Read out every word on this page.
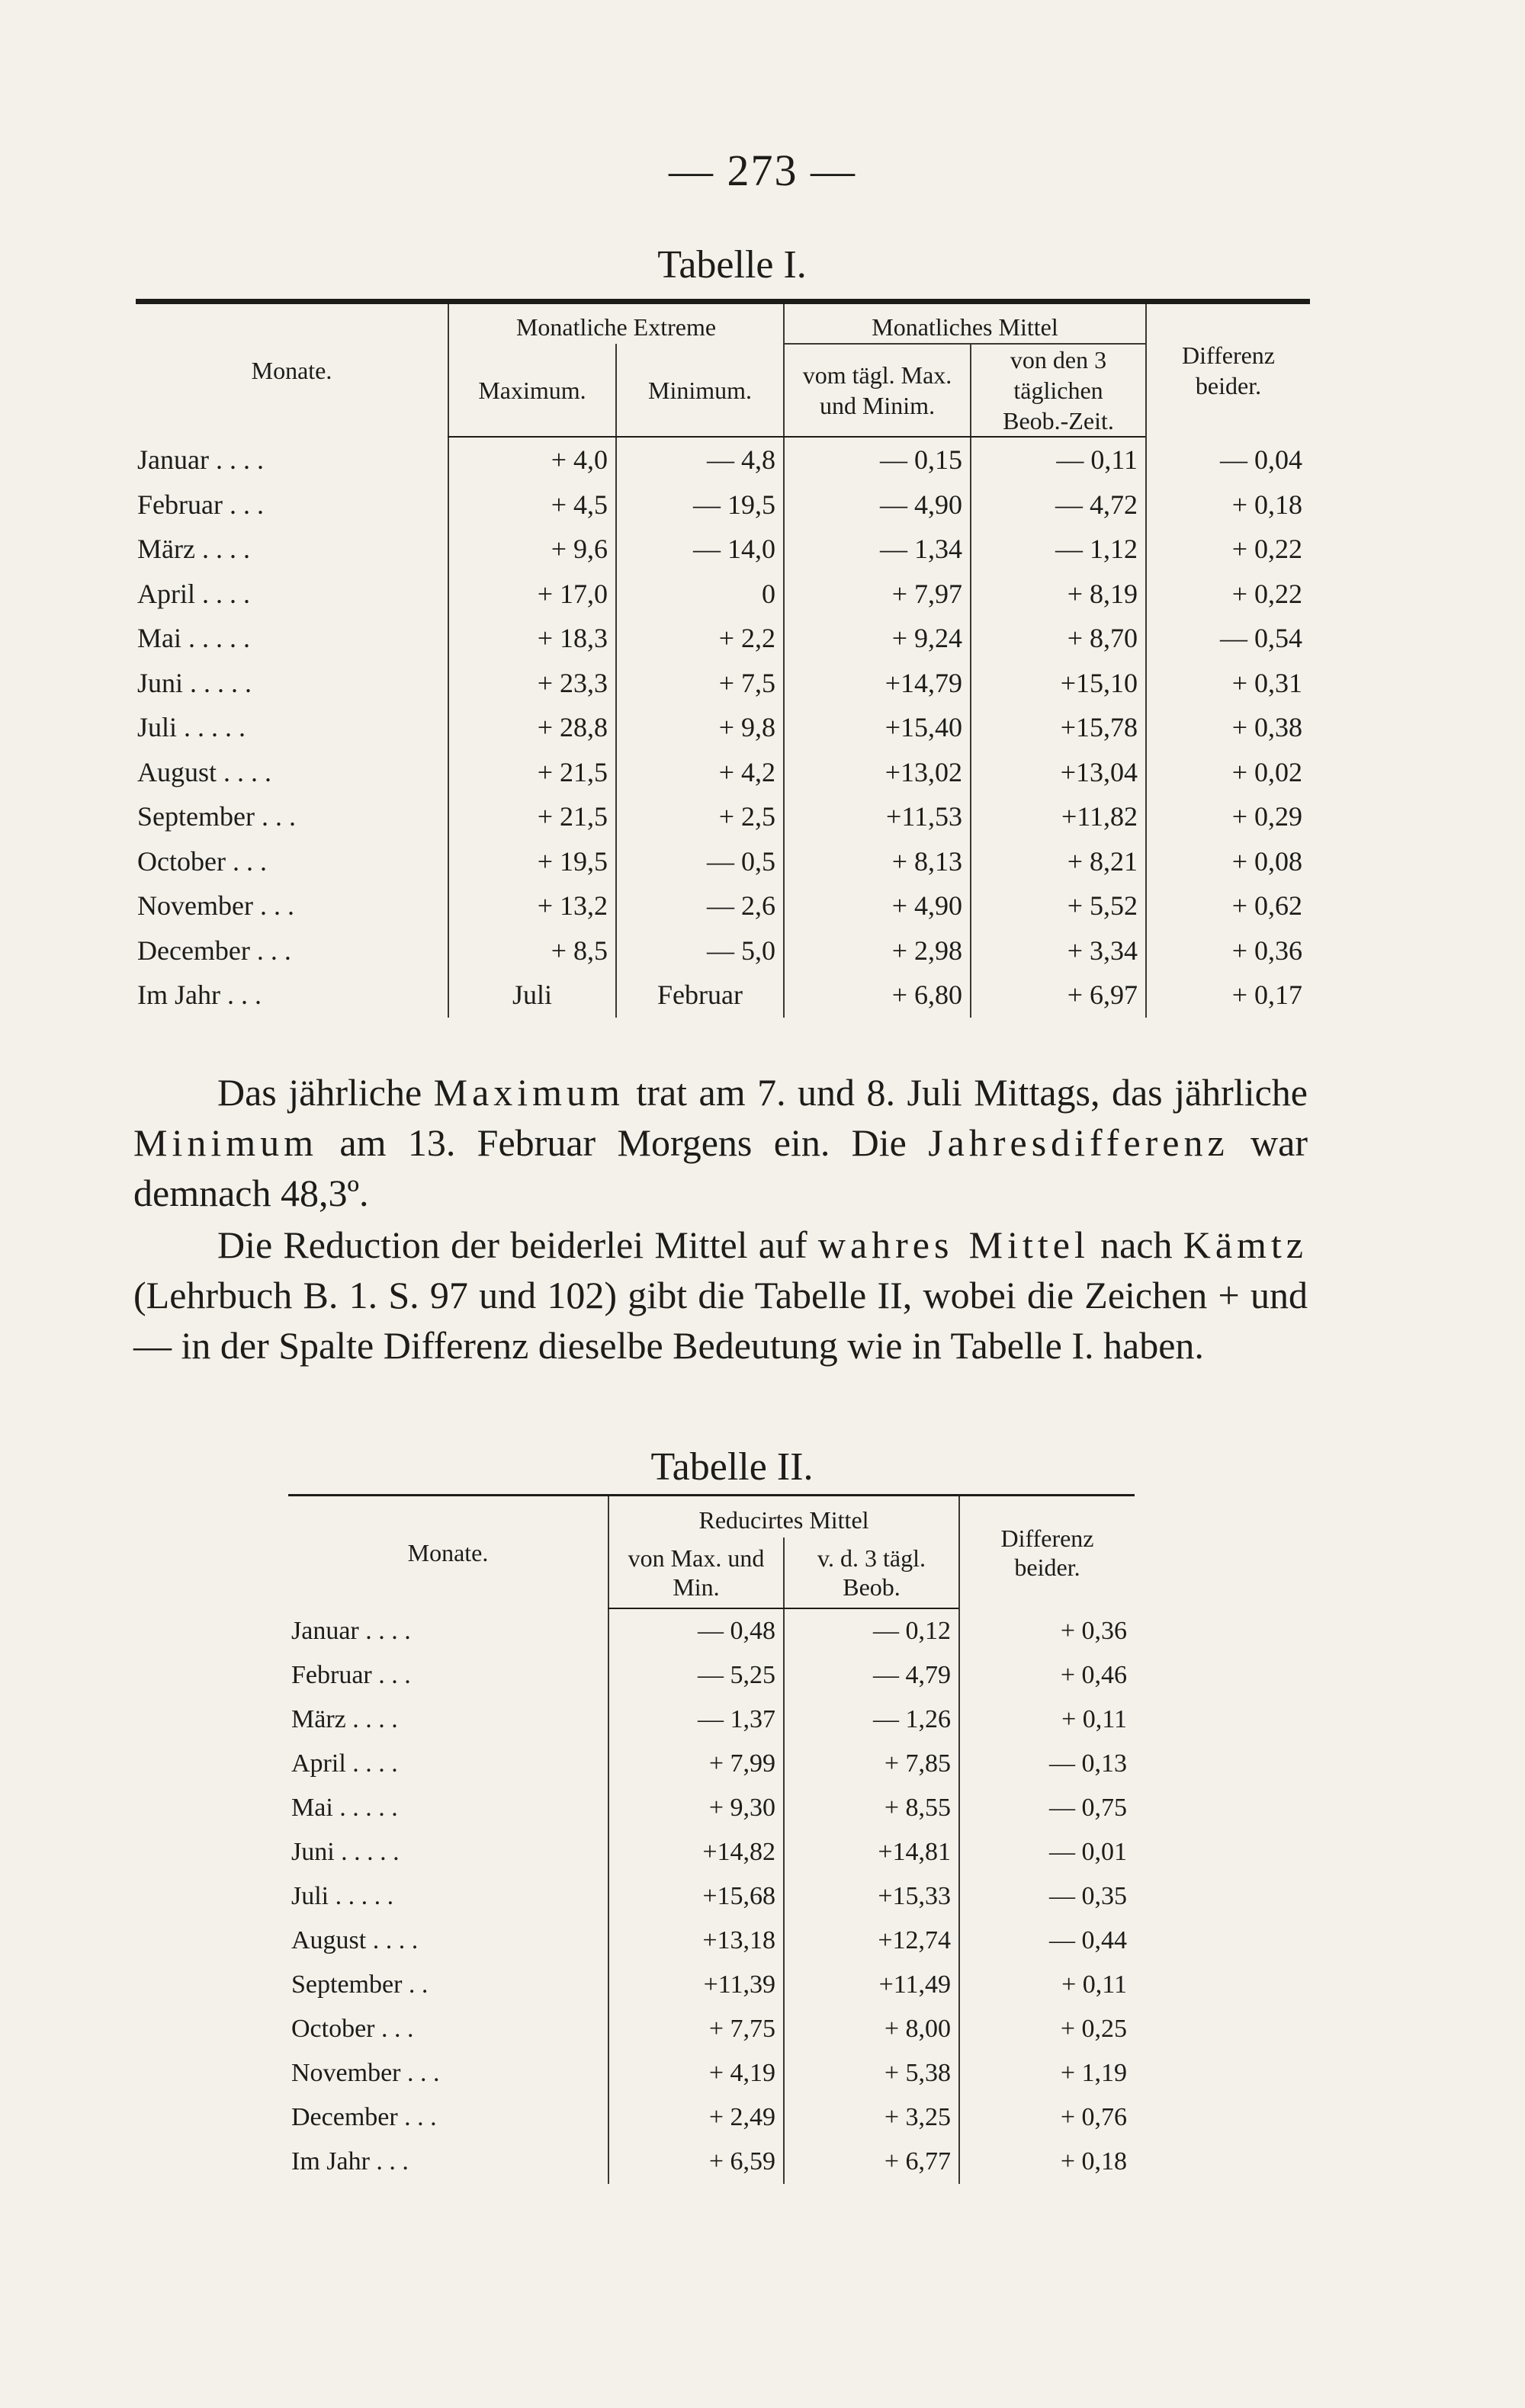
— 273 —
Tabelle I.
Monate.	Monatliche Extreme		Monatliches Mittel		Differenz beider.
	Maximum.	Minimum.	vom tägl. Max. und Minim.	von den 3 täglichen Beob.-Zeit.	
Januar . . . .	+ 4,0	— 4,8	— 0,15	— 0,11	— 0,04
Februar . . .	+ 4,5	— 19,5	— 4,90	— 4,72	+ 0,18
März . . . .	+ 9,6	— 14,0	— 1,34	— 1,12	+ 0,22
April . . . .	+ 17,0	0	+ 7,97	+ 8,19	+ 0,22
Mai . . . . .	+ 18,3	+ 2,2	+ 9,24	+ 8,70	— 0,54
Juni . . . . .	+ 23,3	+ 7,5	+14,79	+15,10	+ 0,31
Juli . . . . .	+ 28,8	+ 9,8	+15,40	+15,78	+ 0,38
August . . . .	+ 21,5	+ 4,2	+13,02	+13,04	+ 0,02
September . . .	+ 21,5	+ 2,5	+11,53	+11,82	+ 0,29
October . . .	+ 19,5	— 0,5	+ 8,13	+ 8,21	+ 0,08
November . . .	+ 13,2	— 2,6	+ 4,90	+ 5,52	+ 0,62
December . . .	+ 8,5	— 5,0	+ 2,98	+ 3,34	+ 0,36
Im Jahr . . .	Juli	Februar	+ 6,80	+ 6,97	+ 0,17

Das jährliche Maximum trat am 7. und 8. Juli Mittags, das jährliche Minimum am 13. Februar Morgens ein. Die Jahresdifferenz war demnach 48,3º.

Die Reduction der beiderlei Mittel auf wahres Mittel nach Kämtz (Lehrbuch B. 1. S. 97 und 102) gibt die Tabelle II, wobei die Zeichen + und — in der Spalte Differenz dieselbe Bedeutung wie in Tabelle I. haben.

Tabelle II.
Monate.	Reducirtes Mittel		Differenz beider.
	von Max. und Min.	v. d. 3 tägl. Beob.	
Januar . . . .	— 0,48	— 0,12	+ 0,36
Februar . . .	— 5,25	— 4,79	+ 0,46
März . . . .	— 1,37	— 1,26	+ 0,11
April . . . .	+ 7,99	+ 7,85	— 0,13
Mai . . . . .	+ 9,30	+ 8,55	— 0,75
Juni . . . . .	+14,82	+14,81	— 0,01
Juli . . . . .	+15,68	+15,33	— 0,35
August . . . .	+13,18	+12,74	— 0,44
September . .	+11,39	+11,49	+ 0,11
October . . .	+ 7,75	+ 8,00	+ 0,25
November . . .	+ 4,19	+ 5,38	+ 1,19
December . . .	+ 2,49	+ 3,25	+ 0,76
Im Jahr . . .	+ 6,59	+ 6,77	+ 0,18
